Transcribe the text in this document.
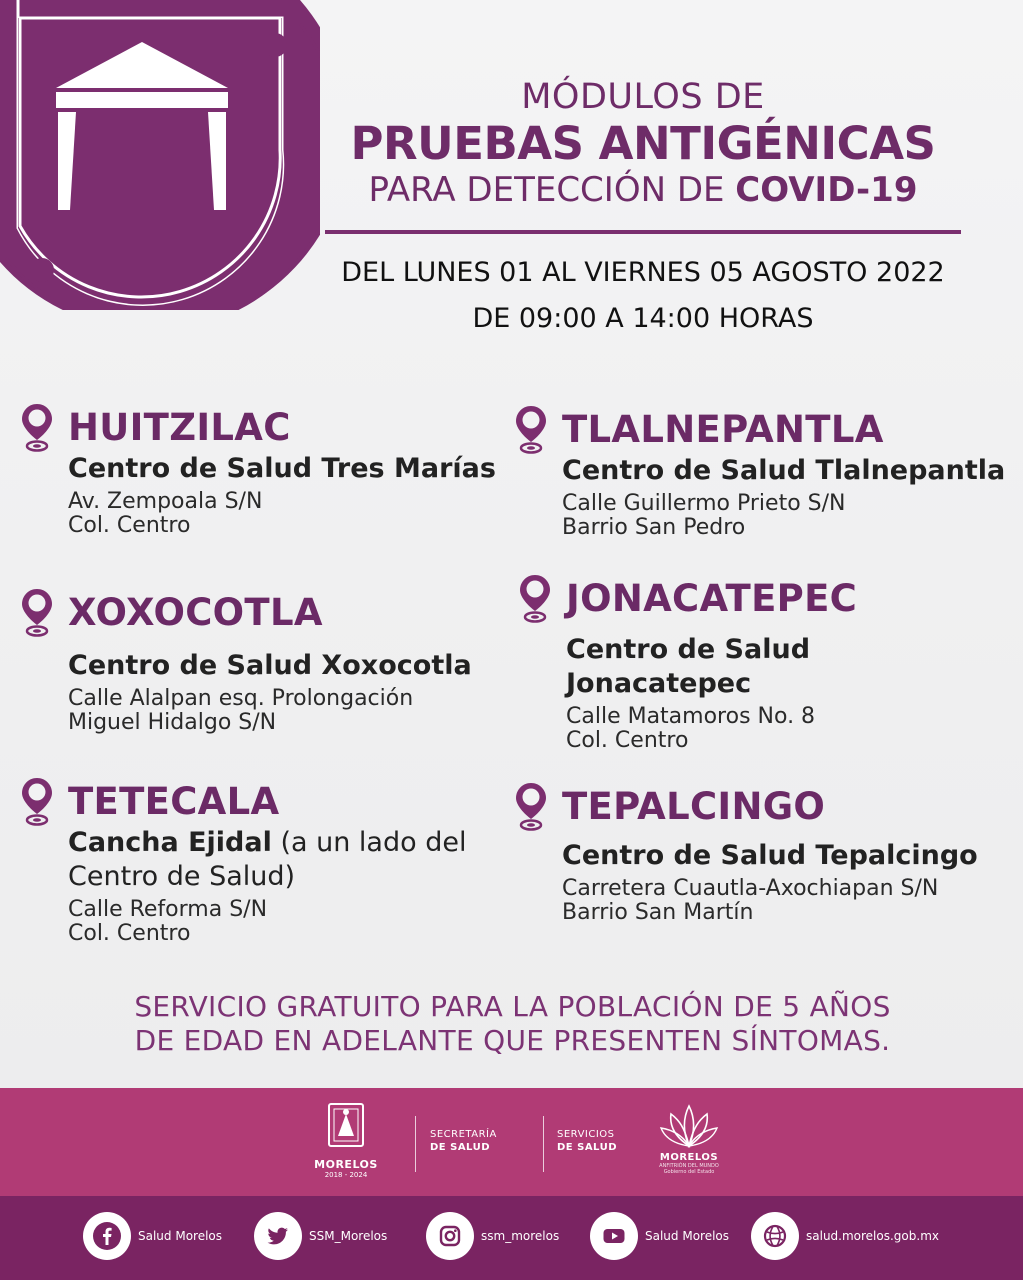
MÓDULOS DE
PRUEBAS ANTIGÉNICAS
PARA DETECCIÓN DE COVID-19
DEL LUNES 01 AL VIERNES 05 AGOSTO 2022
DE 09:00 A 14:00 HORAS
HUITZILAC
Centro de Salud Tres Marías
Av. Zempoala S/N
Col. Centro
TLALNEPANTLA
Centro de Salud Tlalnepantla
Calle Guillermo Prieto S/N
Barrio San Pedro
XOXOCOTLA
Centro de Salud Xoxocotla
Calle Alalpan esq. Prolongación
Miguel Hidalgo S/N
JONACATEPEC
Centro de Salud Jonacatepec
Calle Matamoros No. 8
Col. Centro
TETECALA
Cancha Ejidal (a un lado del Centro de Salud)
Calle Reforma S/N
Col. Centro
TEPALCINGO
Centro de Salud Tepalcingo
Carretera Cuautla-Axochiapan S/N
Barrio San Martín
SERVICIO GRATUITO PARA LA POBLACIÓN DE 5 AÑOS
DE EDAD EN ADELANTE QUE PRESENTEN SÍNTOMAS.
MORELOS
2018 - 2024
SECRETARÍA
DE SALUD
SERVICIOS
DE SALUD
MORELOS
ANFITRIÓN DEL MUNDO
Gobierno del Estado
Salud Morelos	SSM_Morelos	ssm_morelos	Salud Morelos	salud.morelos.gob.mx
